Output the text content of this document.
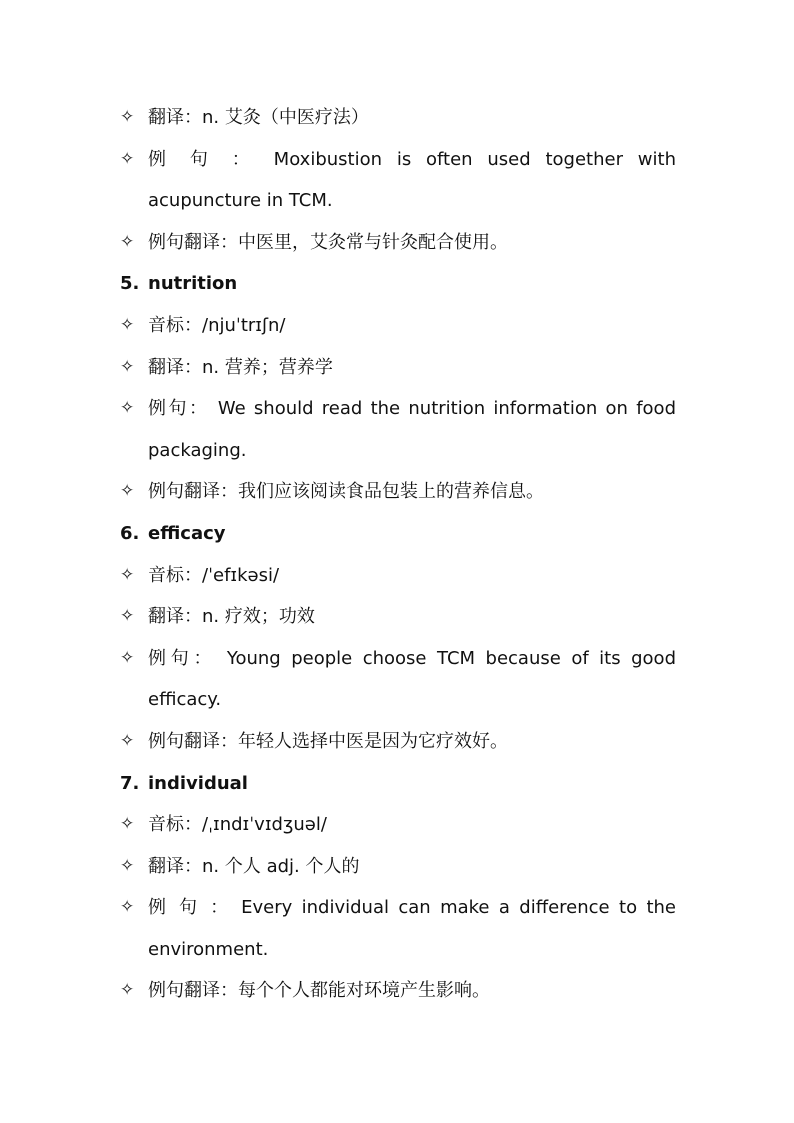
✧ 翻译：n. 艾灸（中医疗法）
✧ 例 句 ： Moxibustion is often used together with
acupuncture in TCM.
✧ 例句翻译：中医里，艾灸常与针灸配合使用。
5. nutrition
✧ 音标：/njuˈtrɪʃn/
✧ 翻译：n. 营养；营养学
✧ 例句： We should read the nutrition information on food
packaging.
✧ 例句翻译：我们应该阅读食品包装上的营养信息。
6. efficacy
✧ 音标：/ˈefɪkəsi/
✧ 翻译：n. 疗效；功效
✧ 例句： Young people choose TCM because of its good
efficacy.
✧ 例句翻译：年轻人选择中医是因为它疗效好。
7. individual
✧ 音标：/ˌɪndɪˈvɪdʒuəl/
✧ 翻译：n. 个人 adj. 个人的
✧ 例 句 ： Every individual can make a difference to the
environment.
✧ 例句翻译：每个个人都能对环境产生影响。
